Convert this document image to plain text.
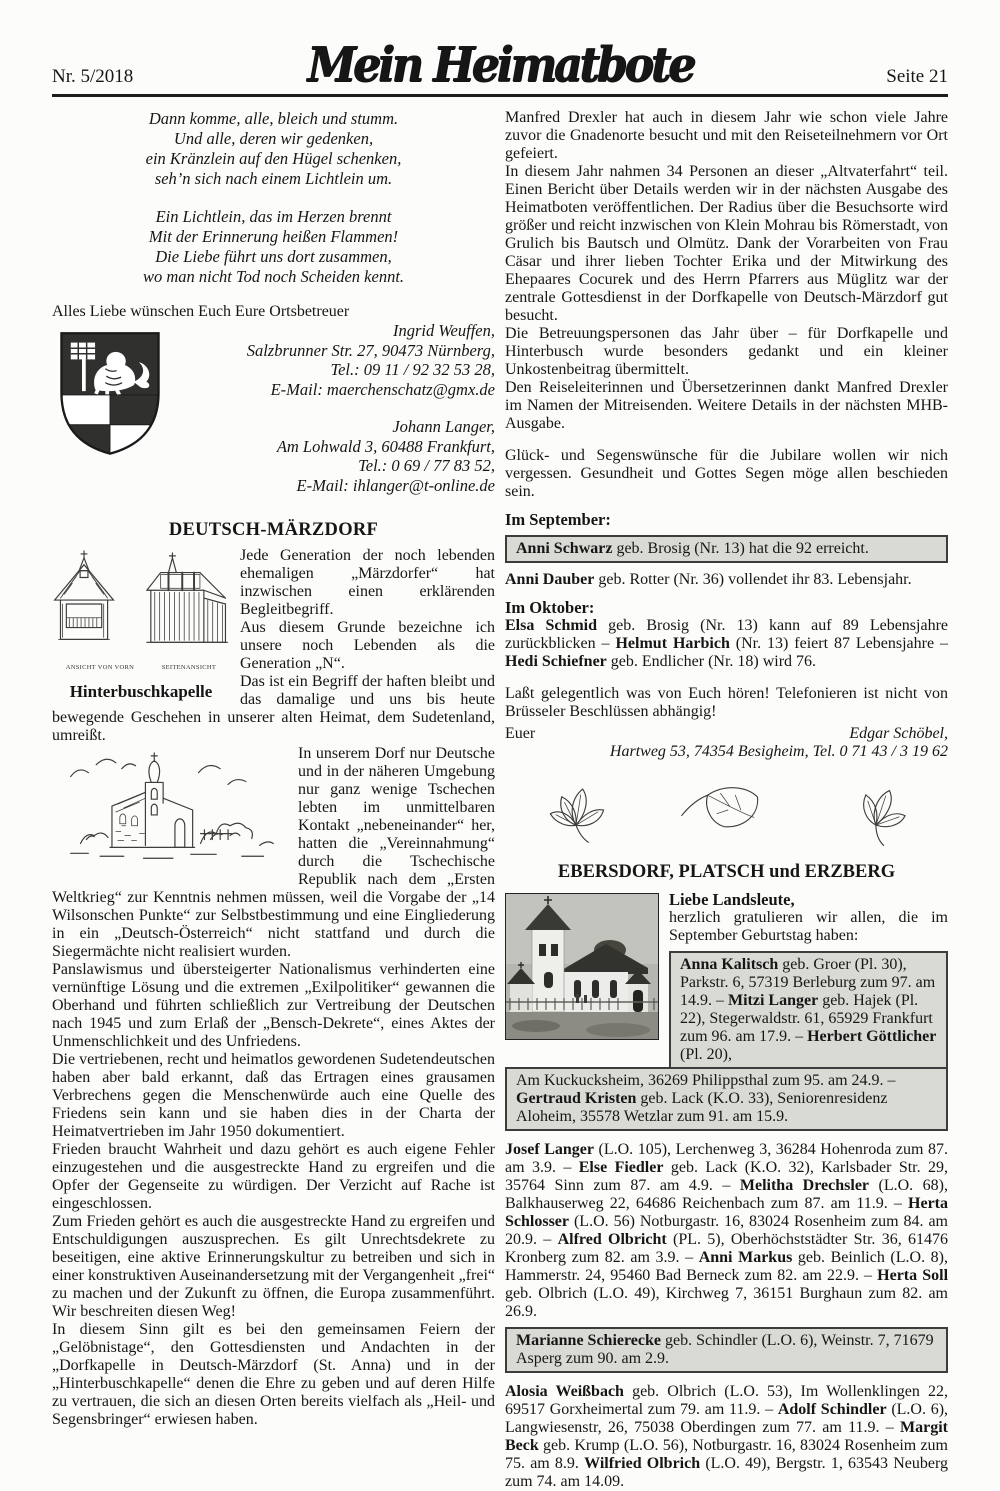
Nr. 5/2018	Mein Heimatbote	Seite 21
Dann komme, alle, bleich und stumm.
Und alle, deren wir gedenken,
ein Kränzlein auf den Hügel schenken,
seh’n sich nach einem Lichtlein um.
Ein Lichtlein, das im Herzen brennt
Mit der Erinnerung heißen Flammen!
Die Liebe führt uns dort zusammen,
wo man nicht Tod noch Scheiden kennt.

Alles Liebe wünschen Euch Eure Ortsbetreuer

Ingrid Weuffen,
Salzbrunner Str. 27, 90473 Nürnberg,
Tel.: 09 11 / 92 32 53 28,
E-Mail: maerchenschatz@gmx.de
Johann Langer,
Am Lohwald 3, 60488 Frankfurt,
Tel.: 0 69 / 77 83 52,
E-Mail: ihlanger@t-online.de
DEUTSCH-MÄRZDORF
ANSICHT VON VORN	SEITENANSICHT
Hinterbuschkapelle

Jede Generation der noch lebenden ehemaligen „Märzdorfer“ hat inzwischen einen erklärenden Begleitbegriff.

Aus diesem Grunde bezeichne ich unsere noch Lebenden als die Generation „N“.

Das ist ein Begriff der haften bleibt und das damalige und uns bis heute bewegende Geschehen in unserer alten Heimat, dem Sudetenland, umreißt.

In unserem Dorf nur Deutsche und in der näheren Umgebung nur ganz wenige Tschechen lebten im unmittelbaren Kontakt „nebeneinander“ her, hatten die „Vereinnahmung“ durch die Tschechische Republik nach dem „Ersten Weltkrieg“ zur Kenntnis nehmen müssen, weil die Vorgabe der „14 Wilsonschen Punkte“ zur Selbstbestimmung und eine Eingliederung in ein „Deutsch-Österreich“ nicht stattfand und durch die Siegermächte nicht realisiert wurden.

Panslawismus und übersteigerter Nationalismus verhinderten eine vernünftige Lösung und die extremen „Exilpolitiker“ gewannen die Oberhand und führten schließlich zur Vertreibung der Deutschen nach 1945 und zum Erlaß der „Bensch-Dekrete“, eines Aktes der Unmenschlichkeit und des Unfriedens.

Die vertriebenen, recht und heimatlos gewordenen Sudetendeutschen haben aber bald erkannt, daß das Ertragen eines grausamen Verbrechens gegen die Menschenwürde auch eine Quelle des Friedens sein kann und sie haben dies in der Charta der Heimatvertrieben im Jahr 1950 dokumentiert.

Frieden braucht Wahrheit und dazu gehört es auch eigene Fehler einzugestehen und die ausgestreckte Hand zu ergreifen und die Opfer der Gegenseite zu würdigen. Der Verzicht auf Rache ist eingeschlossen.

Zum Frieden gehört es auch die ausgestreckte Hand zu ergreifen und Entschuldigungen auszusprechen. Es gilt Unrechtsdekrete zu beseitigen, eine aktive Erinnerungskultur zu betreiben und sich in einer konstruktiven Auseinandersetzung mit der Vergangenheit „frei“ zu machen und der Zukunft zu öffnen, die Europa zusammenführt. Wir beschreiten diesen Weg!

In diesem Sinn gilt es bei den gemeinsamen Feiern der „Gelöbnistage“, den Gottesdiensten und Andachten in der „Dorfkapelle in Deutsch-Märzdorf (St. Anna) und in der „Hinterbuschkapelle“ denen die Ehre zu geben und auf deren Hilfe zu vertrauen, die sich an diesen Orten bereits vielfach als „Heil- und Segensbringer“ erwiesen haben.

Manfred Drexler hat auch in diesem Jahr wie schon viele Jahre zuvor die Gnadenorte besucht und mit den Reiseteilnehmern vor Ort gefeiert.

In diesem Jahr nahmen 34 Personen an dieser „Altvaterfahrt“ teil. Einen Bericht über Details werden wir in der nächsten Ausgabe des Heimatboten veröffentlichen. Der Radius über die Besuchsorte wird größer und reicht inzwischen von Klein Mohrau bis Römerstadt, von Grulich bis Bautsch und Olmütz. Dank der Vorarbeiten von Frau Cäsar und ihrer lieben Tochter Erika und der Mitwirkung des Ehepaares Cocurek und des Herrn Pfarrers aus Müglitz war der zentrale Gottesdienst in der Dorfkapelle von Deutsch-Märzdorf gut besucht.

Die Betreuungspersonen das Jahr über – für Dorfkapelle und Hinterbusch wurde besonders gedankt und ein kleiner Unkostenbeitrag übermittelt.

Den Reiseleiterinnen und Übersetzerinnen dankt Manfred Drexler im Namen der Mitreisenden. Weitere Details in der nächsten MHB-Ausgabe.

Glück- und Segenswünsche für die Jubilare wollen wir nich vergessen. Gesundheit und Gottes Segen möge allen beschieden sein.

Im September:
Anni Schwarz geb. Brosig (Nr. 13) hat die 92 erreicht.

Anni Dauber geb. Rotter (Nr. 36) vollendet ihr 83. Lebensjahr.

Im Oktober:

Elsa Schmid geb. Brosig (Nr. 13) kann auf 89 Lebensjahre zurückblicken – Helmut Harbich (Nr. 13) feiert 87 Lebensjahre – Hedi Schiefner geb. Endlicher (Nr. 18) wird 76.

Laßt gelegentlich was von Euch hören! Telefonieren ist nicht von Brüsseler Beschlüssen abhängig!

Euer	Edgar Schöbel,
Hartweg 53, 74354 Besigheim, Tel. 0 71 43 / 3 19 62
EBERSDORF, PLATSCH und ERZBERG

Liebe Landsleute,

herzlich gratulieren wir allen, die im September Geburtstag haben:

Anna Kalitsch geb. Groer (Pl. 30), Parkstr. 6, 57319 Berleburg zum 97. am 14.9. – Mitzi Langer geb. Hajek (Pl. 22), Stegerwaldstr. 61, 65929 Frankfurt zum 96. am 17.9. – Herbert Göttlicher (Pl. 20),
Am Kuckucksheim, 36269 Philippsthal zum 95. am 24.9. – Gertraud Kristen geb. Lack (K.O. 33), Seniorenresidenz Aloheim, 35578 Wetzlar zum 91. am 15.9.

Josef Langer (L.O. 105), Lerchenweg 3, 36284 Hohenroda zum 87. am 3.9. – Else Fiedler geb. Lack (K.O. 32), Karlsbader Str. 29, 35764 Sinn zum 87. am 4.9. – Melitha Drechsler (L.O. 68), Balkhauserweg 22, 64686 Reichenbach zum 87. am 11.9. – Herta Schlosser (L.O. 56) Notburgastr. 16, 83024 Rosenheim zum 84. am 20.9. – Alfred Olbricht (PL. 5), Oberhöchststädter Str. 36, 61476 Kronberg zum 82. am 3.9. – Anni Markus geb. Beinlich (L.O. 8), Hammerstr. 24, 95460 Bad Berneck zum 82. am 22.9. – Herta Soll geb. Olbrich (L.O. 49), Kirchweg 7, 36151 Burghaun zum 82. am 26.9.

Marianne Schierecke geb. Schindler (L.O. 6), Weinstr. 7, 71679 Asperg zum 90. am 2.9.

Alosia Weißbach geb. Olbrich (L.O. 53), Im Wollenklingen 22, 69517 Gorxheimertal zum 79. am 11.9. – Adolf Schindler (L.O. 6), Langwiesenstr, 26, 75038 Oberdingen zum 77. am 11.9. – Margit Beck geb. Krump (L.O. 56), Notburgastr. 16, 83024 Rosenheim zum 75. am 8.9. Wilfried Olbrich (L.O. 49), Bergstr. 1, 63543 Neuberg zum 74. am 14.09.
